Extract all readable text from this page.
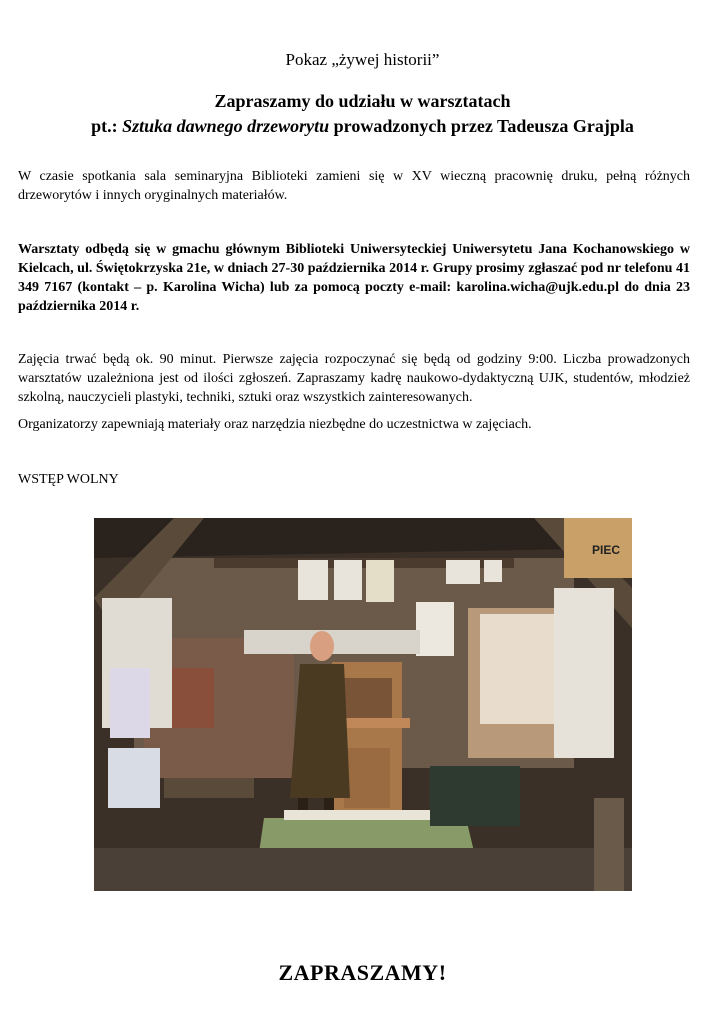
Pokaz „żywej historii”
Zapraszamy do udziału w warsztatach
pt.: Sztuka dawnego drzeworytu prowadzonych przez Tadeusza Grajpla
W czasie spotkania sala seminaryjna Biblioteki zamieni się w XV wieczną pracownię druku, pełną różnych drzeworytów i innych oryginalnych materiałów.
Warsztaty odbędą się w gmachu głównym Biblioteki Uniwersyteckiej Uniwersytetu Jana Kochanowskiego w Kielcach, ul. Świętokrzyska 21e, w dniach 27-30 października 2014 r. Grupy prosimy zgłaszać pod nr telefonu 41 349 7167 (kontakt – p. Karolina Wicha) lub za pomocą poczty e-mail: karolina.wicha@ujk.edu.pl do dnia 23 października 2014 r.
Zajęcia trwać będą ok. 90 minut. Pierwsze zajęcia rozpoczynać się będą od godziny 9:00. Liczba prowadzonych warsztatów uzależniona jest od ilości zgłoszeń. Zapraszamy kadrę naukowo-dydaktyczną UJK, studentów, młodzież szkolną, nauczycieli plastyki, techniki, sztuki oraz wszystkich zainteresowanych.
Organizatorzy zapewniają materiały oraz narzędzia niezbędne do uczestnictwa w zajęciach.
WSTĘP WOLNY
PIEC
ZAPRASZAMY!
